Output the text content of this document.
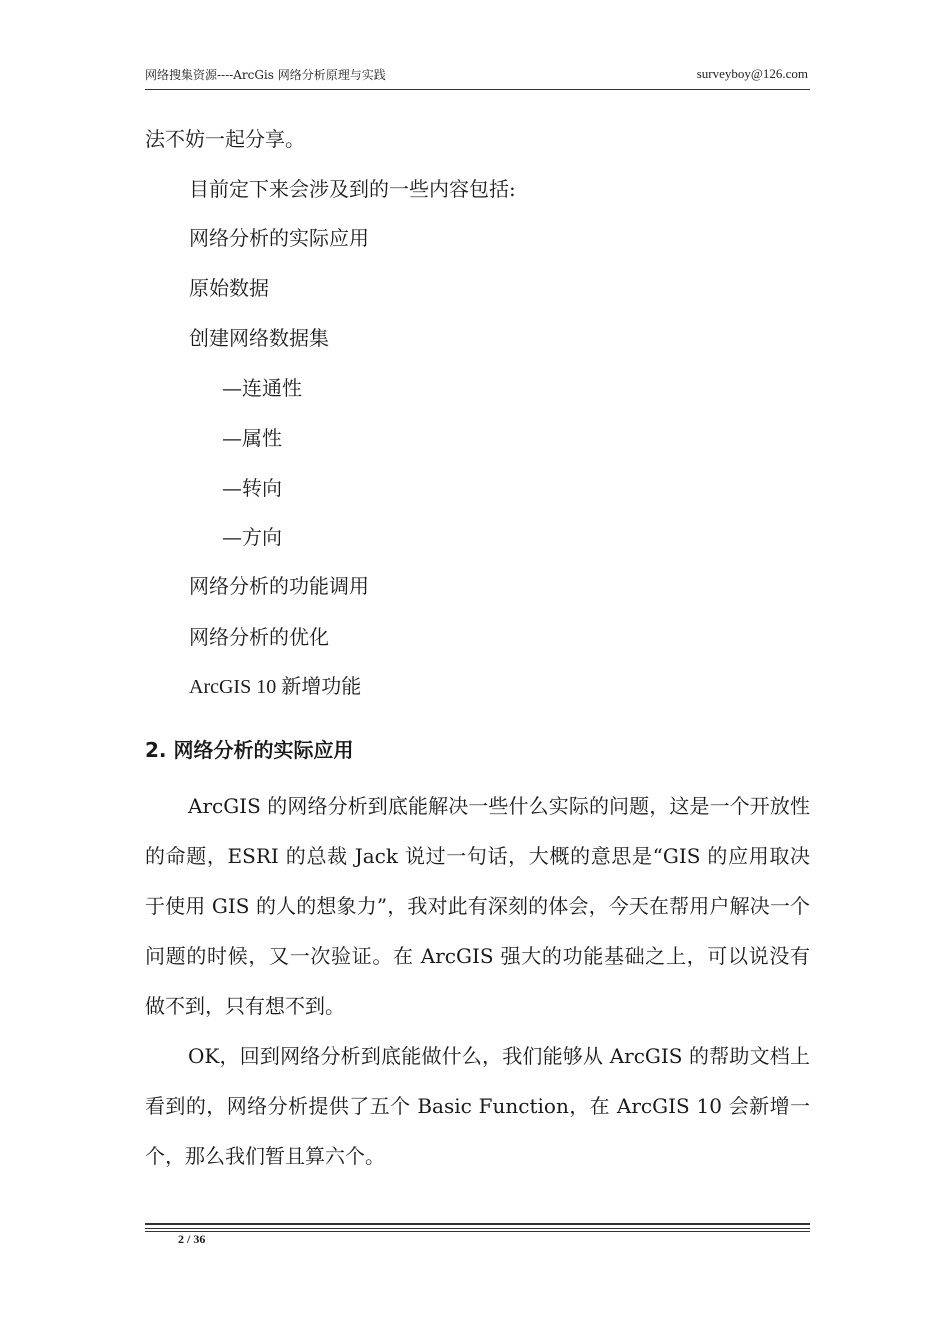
网络搜集资源----ArcGis 网络分析原理与实践	surveyboy@126.com
法不妨一起分享。
目前定下来会涉及到的一些内容包括:
网络分析的实际应用
原始数据
创建网络数据集
—连通性
—属性
—转向
—方向
网络分析的功能调用
网络分析的优化
ArcGIS 10 新增功能
2. 网络分析的实际应用
ArcGIS 的网络分析到底能解决一些什么实际的问题，这是一个开放性的命题，ESRI 的总裁 Jack 说过一句话，大概的意思是“GIS 的应用取决于使用 GIS 的人的想象力”，我对此有深刻的体会，今天在帮用户解决一个问题的时候，又一次验证。在 ArcGIS 强大的功能基础之上，可以说没有做不到，只有想不到。
OK，回到网络分析到底能做什么，我们能够从 ArcGIS 的帮助文档上看到的，网络分析提供了五个 Basic Function，在 ArcGIS 10 会新增一个，那么我们暂且算六个。
2 / 36
